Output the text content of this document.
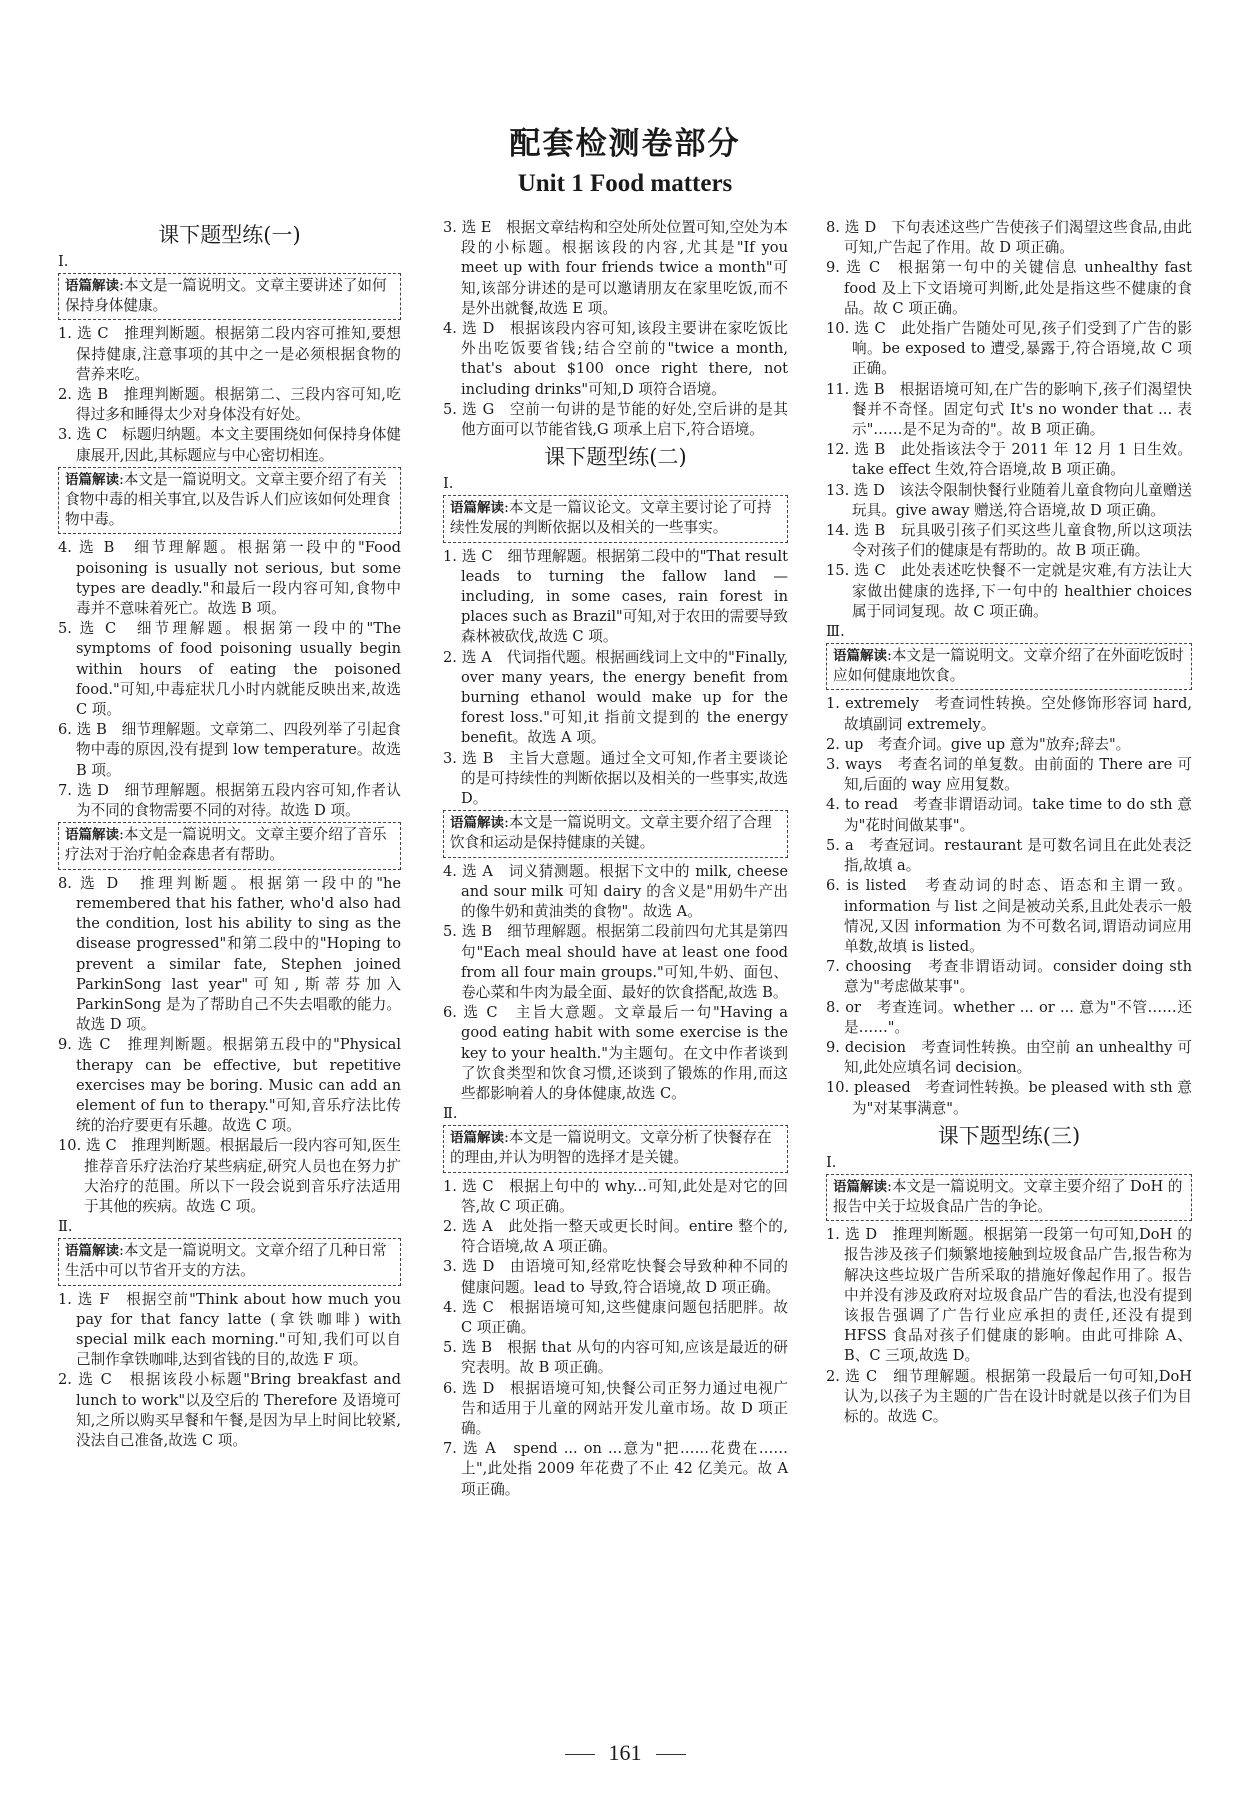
配套检测卷部分
Unit 1 Food matters
课下题型练(一)
Ⅰ.
语篇解读:本文是一篇说明文。文章主要讲述了如何保持身体健康。

1. 选 C　推理判断题。根据第二段内容可推知,要想保持健康,注意事项的其中之一是必须根据食物的营养来吃。

2. 选 B　推理判断题。根据第二、三段内容可知,吃得过多和睡得太少对身体没有好处。

3. 选 C　标题归纳题。本文主要围绕如何保持身体健康展开,因此,其标题应与中心密切相连。

语篇解读:本文是一篇说明文。文章主要介绍了有关食物中毒的相关事宜,以及告诉人们应该如何处理食物中毒。

4. 选 B　细节理解题。根据第一段中的"Food poisoning is usually not serious, but some types are deadly."和最后一段内容可知,食物中毒并不意味着死亡。故选 B 项。

5. 选 C　细节理解题。根据第一段中的"The symptoms of food poisoning usually begin within hours of eating the poisoned food."可知,中毒症状几小时内就能反映出来,故选 C 项。

6. 选 B　细节理解题。文章第二、四段列举了引起食物中毒的原因,没有提到 low temperature。故选 B 项。

7. 选 D　细节理解题。根据第五段内容可知,作者认为不同的食物需要不同的对待。故选 D 项。

语篇解读:本文是一篇说明文。文章主要介绍了音乐疗法对于治疗帕金森患者有帮助。

8. 选 D　推理判断题。根据第一段中的"he remembered that his father, who'd also had the condition, lost his ability to sing as the disease progressed"和第二段中的"Hoping to prevent a similar fate, Stephen joined ParkinSong last year"可知,斯蒂芬加入 ParkinSong 是为了帮助自己不失去唱歌的能力。故选 D 项。

9. 选 C　推理判断题。根据第五段中的"Physical therapy can be effective, but repetitive exercises may be boring. Music can add an element of fun to therapy."可知,音乐疗法比传统的治疗要更有乐趣。故选 C 项。

10. 选 C　推理判断题。根据最后一段内容可知,医生推荐音乐疗法治疗某些病症,研究人员也在努力扩大治疗的范围。所以下一段会说到音乐疗法适用于其他的疾病。故选 C 项。

Ⅱ.
语篇解读:本文是一篇说明文。文章介绍了几种日常生活中可以节省开支的方法。

1. 选 F　根据空前"Think about how much you pay for that fancy latte (拿铁咖啡) with special milk each morning."可知,我们可以自己制作拿铁咖啡,达到省钱的目的,故选 F 项。

2. 选 C　根据该段小标题"Bring breakfast and lunch to work"以及空后的 Therefore 及语境可知,之所以购买早餐和午餐,是因为早上时间比较紧,没法自己准备,故选 C 项。

3. 选 E　根据文章结构和空处所处位置可知,空处为本段的小标题。根据该段的内容,尤其是"If you meet up with four friends twice a month"可知,该部分讲述的是可以邀请朋友在家里吃饭,而不是外出就餐,故选 E 项。

4. 选 D　根据该段内容可知,该段主要讲在家吃饭比外出吃饭要省钱;结合空前的"twice a month, that's about $100 once right there, not including drinks"可知,D 项符合语境。

5. 选 G　空前一句讲的是节能的好处,空后讲的是其他方面可以节能省钱,G 项承上启下,符合语境。

课下题型练(二)
Ⅰ.
语篇解读:本文是一篇议论文。文章主要讨论了可持续性发展的判断依据以及相关的一些事实。

1. 选 C　细节理解题。根据第二段中的"That result leads to turning the fallow land — including, in some cases, rain forest in places such as Brazil"可知,对于农田的需要导致森林被砍伐,故选 C 项。

2. 选 A　代词指代题。根据画线词上文中的"Finally, over many years, the energy benefit from burning ethanol would make up for the forest loss."可知,it 指前文提到的 the energy benefit。故选 A 项。

3. 选 B　主旨大意题。通过全文可知,作者主要谈论的是可持续性的判断依据以及相关的一些事实,故选 D。

语篇解读:本文是一篇说明文。文章主要介绍了合理饮食和运动是保持健康的关键。

4. 选 A　词义猜测题。根据下文中的 milk, cheese and sour milk 可知 dairy 的含义是"用奶牛产出的像牛奶和黄油类的食物"。故选 A。

5. 选 B　细节理解题。根据第二段前四句尤其是第四句"Each meal should have at least one food from all four main groups."可知,牛奶、面包、卷心菜和牛肉为最全面、最好的饮食搭配,故选 B。

6. 选 C　主旨大意题。文章最后一句"Having a good eating habit with some exercise is the key to your health."为主题句。在文中作者谈到了饮食类型和饮食习惯,还谈到了锻炼的作用,而这些都影响着人的身体健康,故选 C。

Ⅱ.
语篇解读:本文是一篇说明文。文章分析了快餐存在的理由,并认为明智的选择才是关键。

1. 选 C　根据上句中的 why...可知,此处是对它的回答,故 C 项正确。

2. 选 A　此处指一整天或更长时间。entire 整个的,符合语境,故 A 项正确。

3. 选 D　由语境可知,经常吃快餐会导致种种不同的健康问题。lead to 导致,符合语境,故 D 项正确。

4. 选 C　根据语境可知,这些健康问题包括肥胖。故 C 项正确。

5. 选 B　根据 that 从句的内容可知,应该是最近的研究表明。故 B 项正确。

6. 选 D　根据语境可知,快餐公司正努力通过电视广告和适用于儿童的网站开发儿童市场。故 D 项正确。

7. 选 A　spend ... on ...意为"把……花费在……上",此处指 2009 年花费了不止 42 亿美元。故 A 项正确。

8. 选 D　下句表述这些广告使孩子们渴望这些食品,由此可知,广告起了作用。故 D 项正确。

9. 选 C　根据第一句中的关键信息 unhealthy fast food 及上下文语境可判断,此处是指这些不健康的食品。故 C 项正确。

10. 选 C　此处指广告随处可见,孩子们受到了广告的影响。be exposed to 遭受,暴露于,符合语境,故 C 项正确。

11. 选 B　根据语境可知,在广告的影响下,孩子们渴望快餐并不奇怪。固定句式 It's no wonder that ... 表示"……是不足为奇的"。故 B 项正确。

12. 选 B　此处指该法令于 2011 年 12 月 1 日生效。take effect 生效,符合语境,故 B 项正确。

13. 选 D　该法令限制快餐行业随着儿童食物向儿童赠送玩具。give away 赠送,符合语境,故 D 项正确。

14. 选 B　玩具吸引孩子们买这些儿童食物,所以这项法令对孩子们的健康是有帮助的。故 B 项正确。

15. 选 C　此处表述吃快餐不一定就是灾难,有方法让大家做出健康的选择,下一句中的 healthier choices 属于同词复现。故 C 项正确。

Ⅲ.
语篇解读:本文是一篇说明文。文章介绍了在外面吃饭时应如何健康地饮食。

1. extremely　考查词性转换。空处修饰形容词 hard,故填副词 extremely。

2. up　考查介词。give up 意为"放弃;辞去"。

3. ways　考查名词的单复数。由前面的 There are 可知,后面的 way 应用复数。

4. to read　考查非谓语动词。take time to do sth 意为"花时间做某事"。

5. a　考查冠词。restaurant 是可数名词且在此处表泛指,故填 a。

6. is listed　考查动词的时态、语态和主谓一致。information 与 list 之间是被动关系,且此处表示一般情况,又因 information 为不可数名词,谓语动词应用单数,故填 is listed。

7. choosing　考查非谓语动词。consider doing sth 意为"考虑做某事"。

8. or　考查连词。whether ... or ... 意为"不管……还是……"。

9. decision　考查词性转换。由空前 an unhealthy 可知,此处应填名词 decision。

10. pleased　考查词性转换。be pleased with sth 意为"对某事满意"。

课下题型练(三)
Ⅰ.
语篇解读:本文是一篇说明文。文章主要介绍了 DoH 的报告中关于垃圾食品广告的争论。

1. 选 D　推理判断题。根据第一段第一句可知,DoH 的报告涉及孩子们频繁地接触到垃圾食品广告,报告称为解决这些垃圾广告所采取的措施好像起作用了。报告中并没有涉及政府对垃圾食品广告的看法,也没有提到该报告强调了广告行业应承担的责任,还没有提到 HFSS 食品对孩子们健康的影响。由此可排除 A、B、C 三项,故选 D。

2. 选 C　细节理解题。根据第一段最后一句可知,DoH 认为,以孩子为主题的广告在设计时就是以孩子们为目标的。故选 C。

161
